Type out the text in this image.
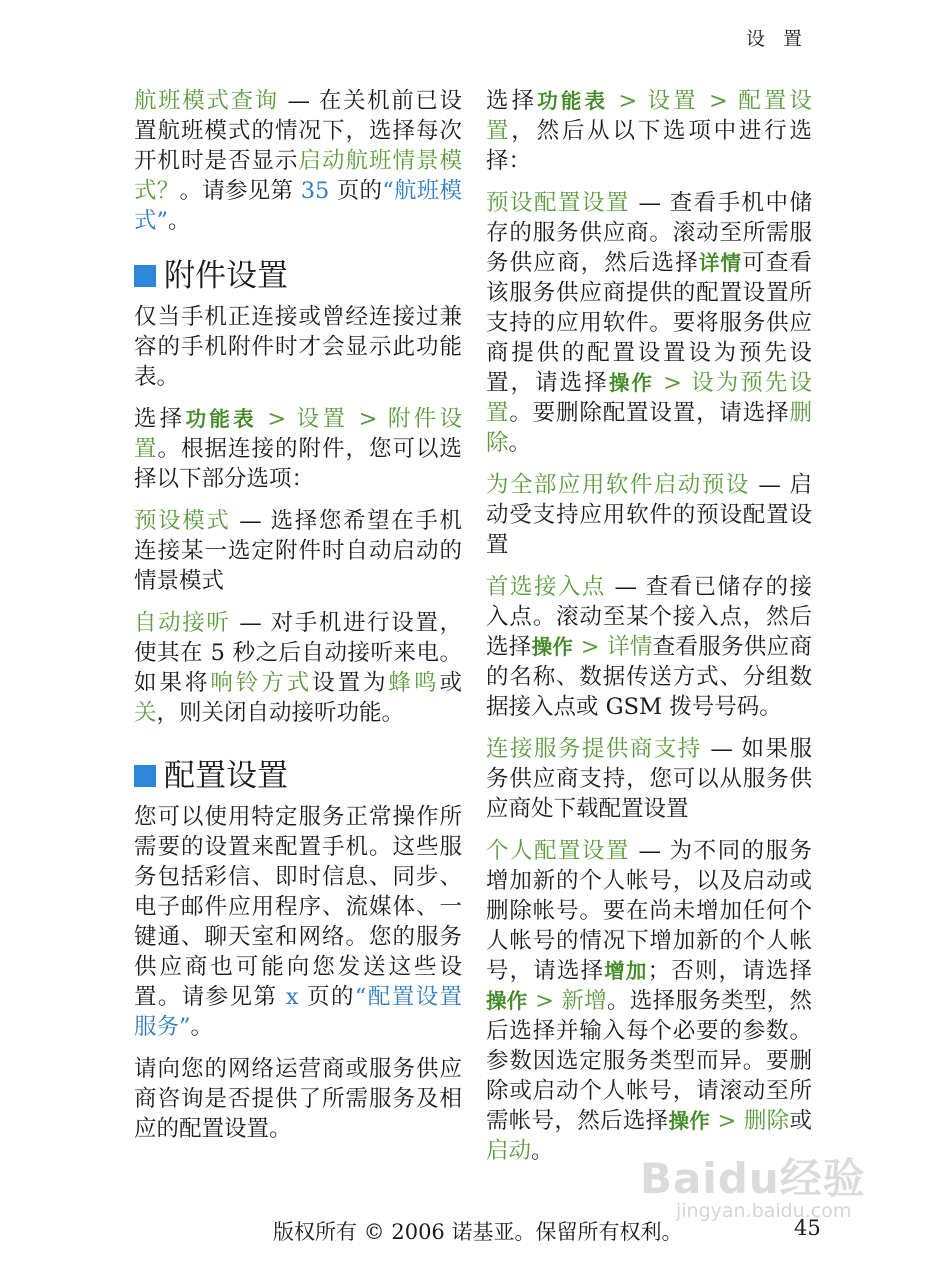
设 置

航班模式查询 — 在关机前已设置航班模式的情况下，选择每次开机时是否显示启动航班情景模式？。请参见第 35 页的“航班模式”。

附件设置

仅当手机正连接或曾经连接过兼容的手机附件时才会显示此功能表。

选择功能表 > 设置 > 附件设置。根据连接的附件，您可以选择以下部分选项：

预设模式 — 选择您希望在手机连接某一选定附件时自动启动的情景模式

自动接听 — 对手机进行设置，使其在 5 秒之后自动接听来电。如果将响铃方式设置为蜂鸣或关，则关闭自动接听功能。

配置设置

您可以使用特定服务正常操作所需要的设置来配置手机。这些服务包括彩信、即时信息、同步、电子邮件应用程序、流媒体、一键通、聊天室和网络。您的服务供应商也可能向您发送这些设置。请参见第 x 页的“配置设置服务”。

请向您的网络运营商或服务供应商咨询是否提供了所需服务及相应的配置设置。

选择功能表 > 设置 > 配置设置，然后从以下选项中进行选择：

预设配置设置 — 查看手机中储存的服务供应商。滚动至所需服务供应商，然后选择详情可查看该服务供应商提供的配置设置所支持的应用软件。要将服务供应商提供的配置设置设为预先设置，请选择操作 > 设为预先设置。要删除配置设置，请选择删除。

为全部应用软件启动预设 — 启动受支持应用软件的预设配置设置

首选接入点 — 查看已储存的接入点。滚动至某个接入点，然后选择操作 > 详情查看服务供应商的名称、数据传送方式、分组数据接入点或 GSM 拨号号码。

连接服务提供商支持 — 如果服务供应商支持，您可以从服务供应商处下载配置设置

个人配置设置 — 为不同的服务增加新的个人帐号，以及启动或删除帐号。要在尚未增加任何个人帐号的情况下增加新的个人帐号，请选择增加；否则，请选择操作 > 新增。选择服务类型，然后选择并输入每个必要的参数。参数因选定服务类型而异。要删除或启动个人帐号，请滚动至所需帐号，然后选择操作 > 删除或启动。

Baidu经验
jingyan.baidu.com
版权所有 © 2006 诺基亚。保留所有权利。	45
